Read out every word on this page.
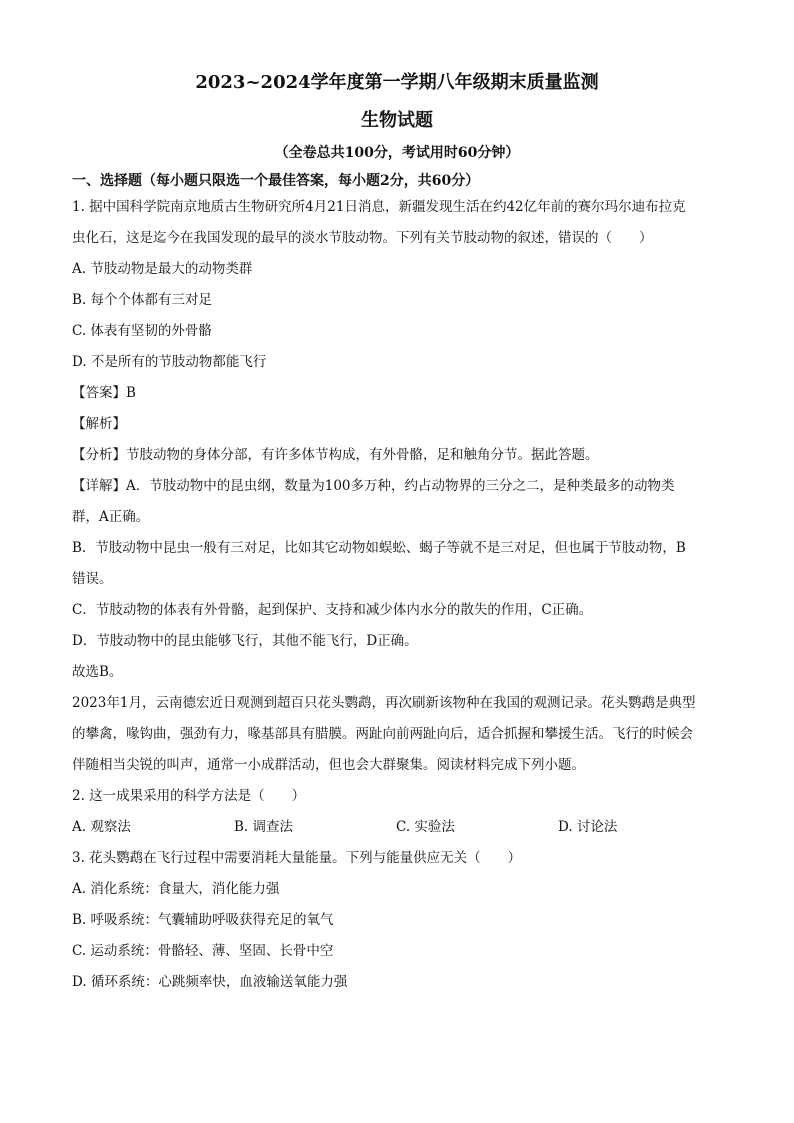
2023~2024学年度第一学期八年级期末质量监测

生物试题

（全卷总共100分，考试用时60分钟）

一、选择题（每小题只限选一个最佳答案，每小题2分，共60分）

1. 据中国科学院南京地质古生物研究所4月21日消息，新疆发现生活在约42亿年前的赛尔玛尔迪布拉克

虫化石，这是迄今在我国发现的最早的淡水节肢动物。下列有关节肢动物的叙述，错误的（　　）

A. 节肢动物是最大的动物类群

B. 每个个体都有三对足

C. 体表有坚韧的外骨骼

D. 不是所有的节肢动物都能飞行

【答案】B

【解析】

【分析】节肢动物的身体分部，有许多体节构成，有外骨骼，足和触角分节。据此答题。

【详解】A．节肢动物中的昆虫纲，数量为100多万种，约占动物界的三分之二，是种类最多的动物类

群，A正确。

B．节肢动物中昆虫一般有三对足，比如其它动物如蜈蚣、蝎子等就不是三对足，但也属于节肢动物，B

错误。

C．节肢动物的体表有外骨骼，起到保护、支持和减少体内水分的散失的作用，C正确。

D．节肢动物中的昆虫能够飞行，其他不能飞行，D正确。

故选B。

2023年1月，云南德宏近日观测到超百只花头鹦鹉，再次刷新该物种在我国的观测记录。花头鹦鹉是典型

的攀禽，喙钩曲，强劲有力，喙基部具有腊膜。两趾向前两趾向后，适合抓握和攀援生活。飞行的时候会

伴随相当尖锐的叫声，通常一小成群活动，但也会大群聚集。阅读材料完成下列小题。

2. 这一成果采用的科学方法是（　　）

A. 观察法	B. 调查法	C. 实验法	D. 讨论法

3. 花头鹦鹉在飞行过程中需要消耗大量能量。下列与能量供应无关（　　）

A. 消化系统：食量大，消化能力强

B. 呼吸系统：气囊辅助呼吸获得充足的氧气

C. 运动系统：骨骼轻、薄、坚固、长骨中空

D. 循环系统：心跳频率快，血液输送氧能力强
